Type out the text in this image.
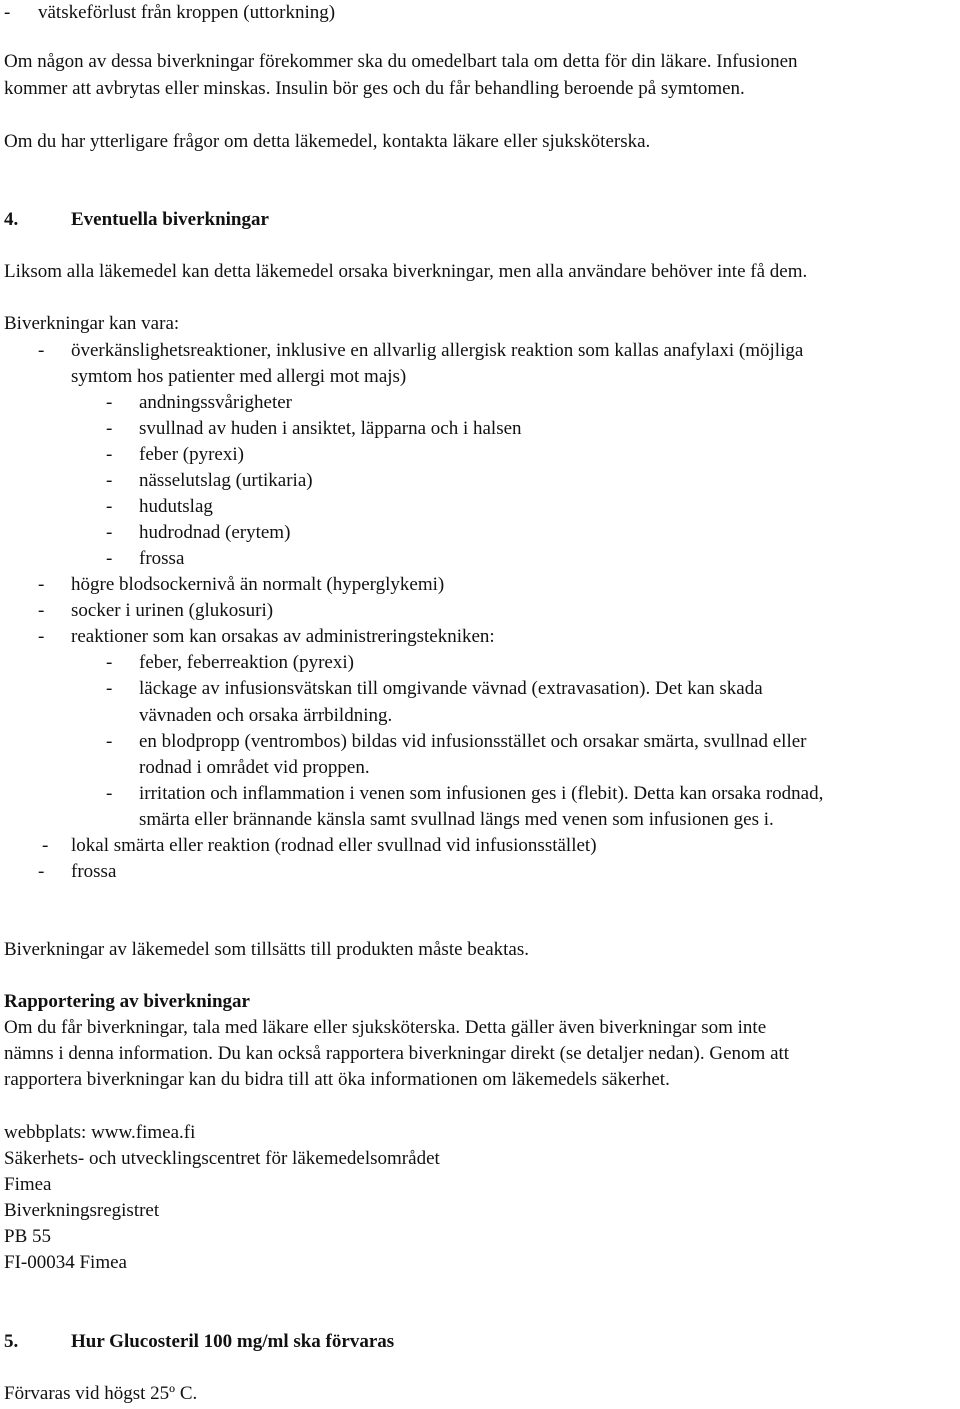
- vätskeförlust från kroppen (uttorkning)
Om någon av dessa biverkningar förekommer ska du omedelbart tala om detta för din läkare. Infusionen
kommer att avbrytas eller minskas. Insulin bör ges och du får behandling beroende på symtomen.
Om du har ytterligare frågor om detta läkemedel, kontakta läkare eller sjuksköterska.
4.	Eventuella biverkningar
Liksom alla läkemedel kan detta läkemedel orsaka biverkningar, men alla användare behöver inte få dem.
Biverkningar kan vara:
- överkänslighetsreaktioner, inklusive en allvarlig allergisk reaktion som kallas anafylaxi (möjliga
symtom hos patienter med allergi mot majs)
- andningssvårigheter
- svullnad av huden i ansiktet, läpparna och i halsen
- feber (pyrexi)
- nässelutslag (urtikaria)
- hudutslag
- hudrodnad (erytem)
- frossa
- högre blodsockernivå än normalt (hyperglykemi)
- socker i urinen (glukosuri)
- reaktioner som kan orsakas av administreringstekniken:
- feber, feberreaktion (pyrexi)
- läckage av infusionsvätskan till omgivande vävnad (extravasation). Det kan skada
vävnaden och orsaka ärrbildning.
- en blodpropp (ventrombos) bildas vid infusionsstället och orsakar smärta, svullnad eller
rodnad i området vid proppen.
- irritation och inflammation i venen som infusionen ges i (flebit). Detta kan orsaka rodnad,
smärta eller brännande känsla samt svullnad längs med venen som infusionen ges i.
- lokal smärta eller reaktion (rodnad eller svullnad vid infusionsstället)
- frossa
Biverkningar av läkemedel som tillsätts till produkten måste beaktas.
Rapportering av biverkningar
Om du får biverkningar, tala med läkare eller sjuksköterska. Detta gäller även biverkningar som inte
nämns i denna information. Du kan också rapportera biverkningar direkt (se detaljer nedan). Genom att
rapportera biverkningar kan du bidra till att öka informationen om läkemedels säkerhet.
webbplats: www.fimea.fi
Säkerhets- och utvecklingscentret för läkemedelsområdet
Fimea
Biverkningsregistret
PB 55
FI-00034 Fimea
5.	Hur Glucosteril 100 mg/ml ska förvaras
Förvaras vid högst 25º C.
